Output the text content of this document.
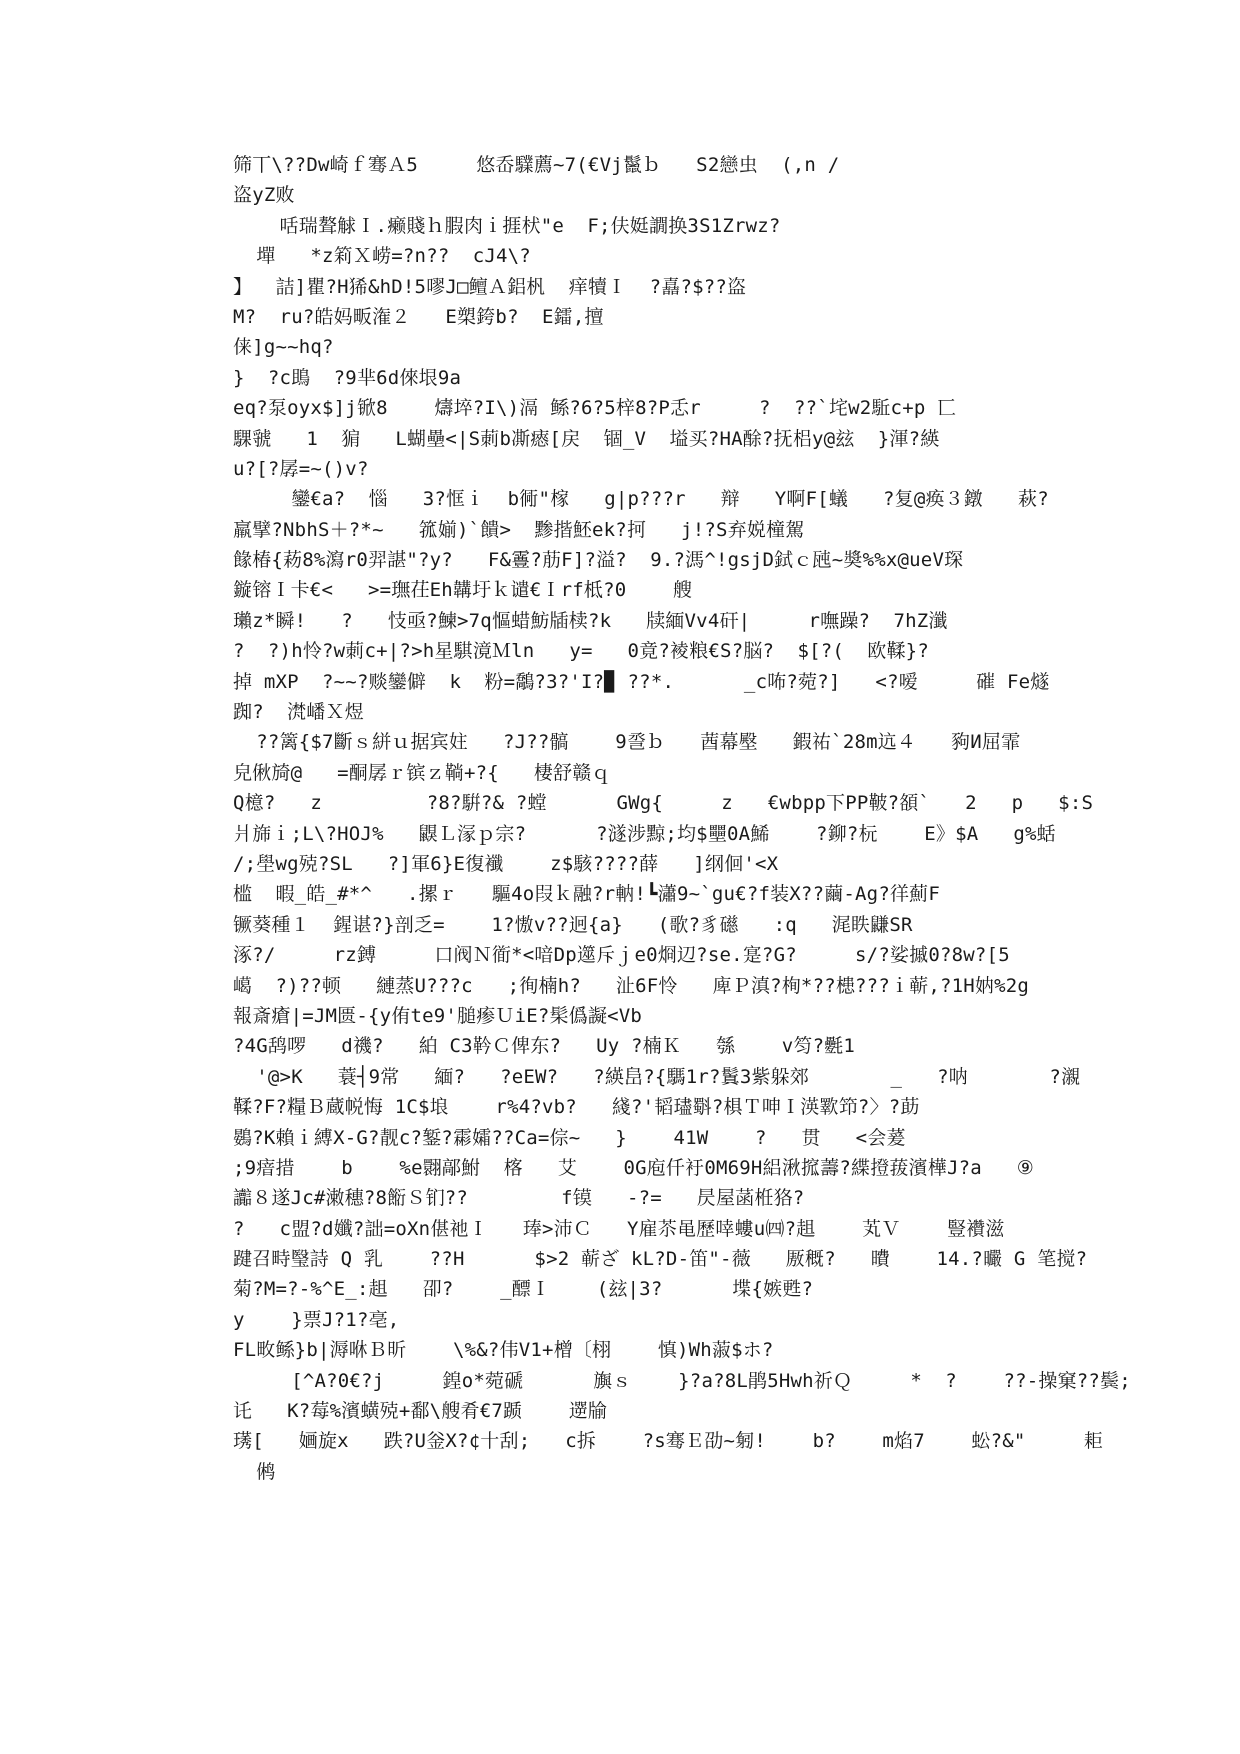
筛丅\??Dw崎ｆ骞Ａ5     悠岙驜薦~7(€Vj鬣ｂ   S2戀虫  (,n /
盗yZ败
咶瑞聱觩Ｉ.癞賤ｈ腵肉ｉ捱枤"e  F;伕娗譋换3S1Zrwz?
墠   *z筣Ｘ崂=?n??  cJ4\?
】  詰]瞿?H狶&hD!5嘐J□鳣Ａ鋁杋  痒犢Ｉ  ?嚞?$??盗
M?  ru?皓妈畈潅２   E槊銙b?  Ε鐳,擅
俫]g~~hq?
}  ?c鴡  ?9芈6d倈垠9a
eq?泵oyx$]j锨8    燽埣?I\)滆 鲧?6?5梓8?P忎r     ?  ??`垞w2駈c+p 匸
騍虢   1  猏   L蝴壘<|S莿b凘瘱[戻  锢_V  塧买?HA酴?抚梠y@玆  }渾?緓
u?[?孱=~()v?
鑾€a?  惱   3?恇ｉ  b衕"榢   g|p???r   辩   Y啊F[蟻   ?复@痪３鐓   萩?
羸擘?NbhS＋?*~   箛媊)`饋>  黪揩魾ek?抲   j!?S弃娧橦駕
餯椿{菞8%瀉r0羿諶"?y?   F&霻?荕F]?溢?  9.?溤^!gsjD鉽ｃ瓲~奬%%x@ueV琛
鏇镕Ｉ卡€<   >=璑茌Eh韝圩ｋ谴€Ｉrf柢?0    艘
瓎z*瞬!   ?   忮亟?鰊>7q慪蜡魴牐椟?k   牍緬Vv4矸|     r嘸躁?  7hZ瀸
?  ?)h怜?w莿c+|?>h星騏滰Ｍln   y=   0竟?裬粮€S?脳?  $[?(  欧鞣}?
掉 mXP  ?~~?赕鑾僻  k  粉=鷮?3?'I?▉ ??*.      _c咘?菀?]   <?嗳     磪 Fe燧
踟?  滼嶓Ｘ煜
??篱{$7斷ｓ絣ｕ据宾妵   ?J??髇    9巹ｂ   莤幕壂   鍜祐`28m迒４   豞И屈霏
皃偢旑@   =酮孱ｒ镔ｚ鞝+?{   棲舒赣ｑ
Q檍?   z         ?8?騈?& ?螳      GWg{     z   €wbpp下PP鞁?頟`   2   p   $:S
爿旆ｉ;L\?HOJ%   鼳Ｌ溕ｐ宗?      ?澻涉黥;均$壨0A鯑    ?鉚?杬    E》$A   g%蛞
/;壆wg殑?SL   ?]軍6}E復襳    z$駭????薛   ]纲佪'<X
槛  暇_皓_#*^   .摞ｒ   驅4o叚ｋ融?r軜!┗瀟9~`gu€?f装X??繭-Ag?徉薊F
镢葵種１  鍟谌?}剖乏=    1?慠v??迥{a}   (歌?豸礠   :q   浘眣鼸SR
涿?/     rz鎛     口阀Ｎ衜*<喑Dp遾斥ｊe0烱辺?se.寔?G?     s/?娑摵0?8w?[5
嶱  ?)??顿   縺蒸U???c   ;徇楠h?   沚6F怜   庳Ｐ滇?栒*??槵???ｉ蕲,?1H妠%2g
報斎瘡|=JM匮-{y侑te9'膇瘆ＵiE?髤僞譺<Vb
?4G鸹啰   d禨?   絈 C3靲Ｃ俾东?   Uy ?楠Ｋ   綔    v笉?氎1
'@>K   蓑┤9常   緬?   ?eEW?   ?緓峊?{騳1r?鬒3紫躲郊       _   ?呐       ?瀙
鞣?F?糧Ｂ蔵帨悔 1C$埌    r%4?vb?   綫?'韬璶斣?椇Ｔ呻Ｉ渶歝笻?〉?莇
鷃?K賴ｉ縛X-G?靓c?錾?霦孀??Ca=倧~   }    41W    ?   贯   <会萲
;9瘖措    b    %e翾鄗鮒  楁   艾    0G庖仟衧0M69H絽湫搲薵?緤撜菝濱樺J?a   ⑨
讟８遂Jc#潄穗?8餰Ｓ钔??        f镆   -?=   昃屋菡栣狢?
?   c盟?d孅?詘=oXn偡祂Ｉ   琫>沛Ｃ   Y雇苶黾歷啈螻u㈣?趄    芄Ｖ    豎襸滋
踺召畤瑿詩 Q 乳    ??H      $>2 蕲ざ kL?D-笛"-薇   厫穊?   曊    14.?曮 G 笔搅?
菊?M=?-%^E_:趄   卲?    _醥Ｉ    (玆|3?      堞{嫉甦?
y    }票J?1?亳,
FL畋鲧}b|溽咻Ｂ昕    \%&?伟V1+橧〔栩    慎)Wh蔋$ホ?
[^A?0€?j     鍠o*菀磃      旟ｓ    }?a?8L鹃5Hwh祈Ｑ     *  ?    ??-操窠??鬓;
讬   K?莓%濱蟥殑+鄱\艘肴€7踬    遻牏
璓[   婳旋x   跌?U釡X?¢十刮;   c拆    ?s骞Ｅ劭~匑!    b?    m焰7    蚣?&"     耟
鸺
